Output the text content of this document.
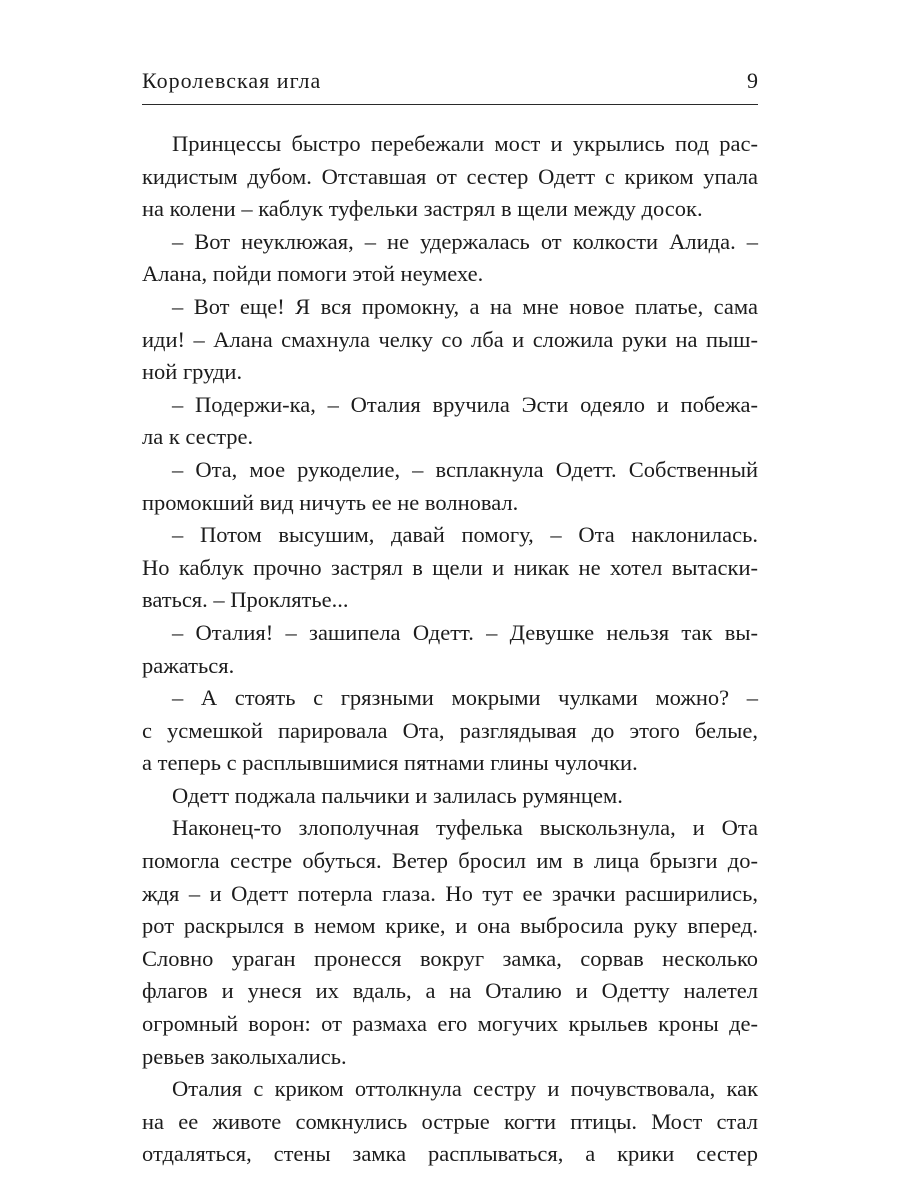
Королевская игла	9
Принцессы быстро перебежали мост и укрылись под рас-
кидистым дубом. Отставшая от сестер Одетт с криком упала
на колени – каблук туфельки застрял в щели между досок.
– Вот неуклюжая, – не удержалась от колкости Алида. –
Алана, пойди помоги этой неумехе.
– Вот еще! Я вся промокну, а на мне новое платье, сама
иди! – Алана смахнула челку со лба и сложила руки на пыш-
ной груди.
– Подержи-ка, – Оталия вручила Эсти одеяло и побежа-
ла к сестре.
– Ота, мое рукоделие, – всплакнула Одетт. Собственный
промокший вид ничуть ее не волновал.
– Потом высушим, давай помогу, – Ота наклонилась.
Но каблук прочно застрял в щели и никак не хотел вытаски-
ваться. – Проклятье...
– Оталия! – зашипела Одетт. – Девушке нельзя так вы-
ражаться.
– А стоять с грязными мокрыми чулками можно? –
с усмешкой парировала Ота, разглядывая до этого белые,
а теперь с расплывшимися пятнами глины чулочки.
Одетт поджала пальчики и залилась румянцем.
Наконец-то злополучная туфелька выскользнула, и Ота
помогла сестре обуться. Ветер бросил им в лица брызги до-
ждя – и Одетт потерла глаза. Но тут ее зрачки расширились,
рот раскрылся в немом крике, и она выбросила руку вперед.
Словно ураган пронесся вокруг замка, сорвав несколько
флагов и унеся их вдаль, а на Оталию и Одетту налетел
огромный ворон: от размаха его могучих крыльев кроны де-
ревьев заколыхались.
Оталия с криком оттолкнула сестру и почувствовала, как
на ее животе сомкнулись острые когти птицы. Мост стал
отдаляться, стены замка расплываться, а крики сестер
